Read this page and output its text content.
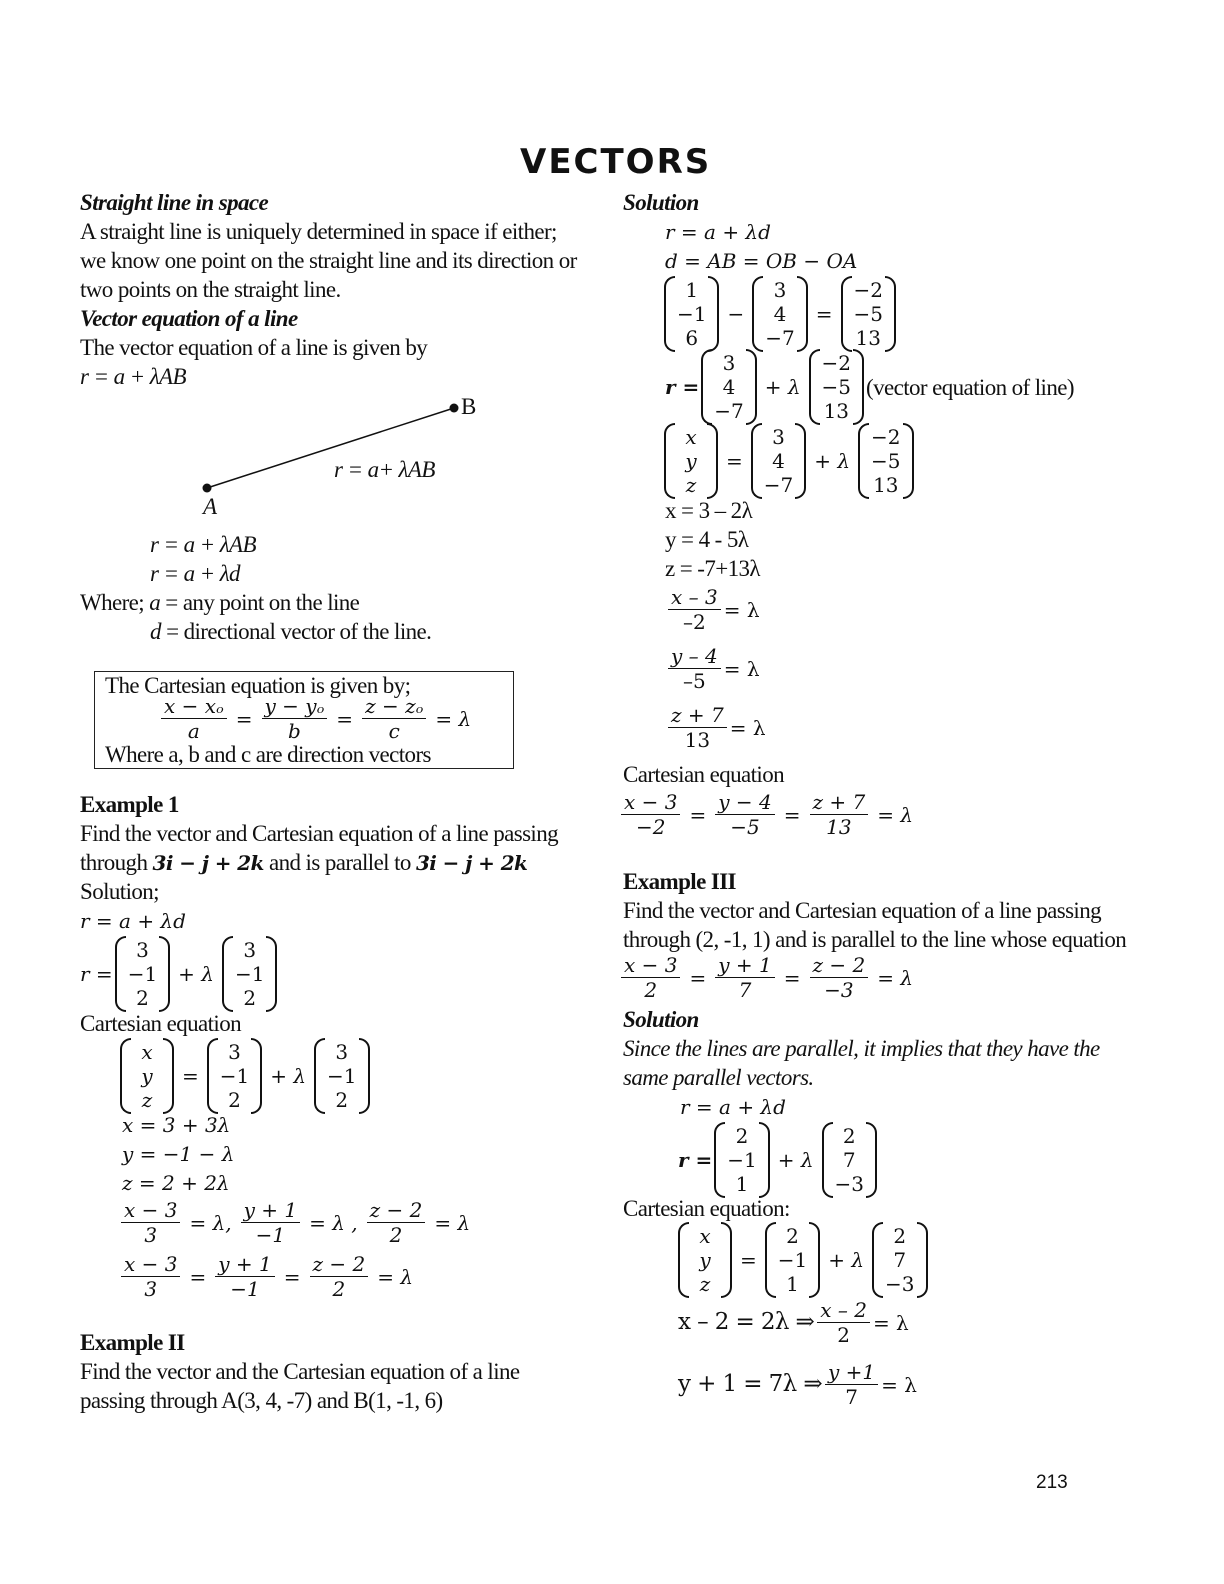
VECTORS
Straight line in space
A straight line is uniquely determined in space if either;
we know one point on the straight line and its direction or
two points on the straight line.
Vector equation of a line
The vector equation of a line is given by
r = a + λAB
B
A
r = a+ λAB
r = a + λAB
r = a + λd
Where; a = any point on the line
d = directional vector of the line.
The Cartesian equation is given by;
$\frac{\text{x − xₒ}}{a} = \frac{\text{y − yₒ}}{b} = \frac{\text{z − zₒ}}{c} = \lambda$
Where a, b and c are direction vectors
Example 1
Find the vector and Cartesian equation of a line passing
through 3i − j + 2k and is parallel to 3i − j + 2k
Solution;
r = a + λd
r =
3
−1
2
+ λ
3
−1
2
Cartesian equation
x
y
z
=
3
−1
2
+ λ
3
−1
2
x = 3 + 3λ
y = −1 − λ
z = 2 + 2λ
$\frac{x - 3}{3} = \lambda$, $\frac{y + 1}{-1} = \lambda$ , $\frac{z - 2}{2} = \lambda$
$\frac{x - 3}{3} = \frac{y + 1}{-1} = \frac{z - 2}{2} = \lambda$
Example II
Find the vector and the Cartesian equation of a line
passing through A(3, 4, -7) and B(1, -1, 6)
Solution
r = a + λd
d = AB = OB − OA
1
−1
6
−
3
4
−7
=
−2
−5
13
r =
3
4
−7
+ λ
−2
−5
13
(vector equation of line)
x
y
z
=
3
4
−7
+ λ
−2
−5
13
x = 3 – 2λ
y = 4 - 5λ
z = -7+13λ
$\frac{x - 3}{-2} = \lambda$
$\frac{y - 4}{-5} = \lambda$
$\frac{z + 7}{13} = \lambda$
Cartesian equation
$\frac{x - 3}{-2} = \frac{y - 4}{-5} = \frac{z + 7}{13} = \lambda$
Example III
Find the vector and Cartesian equation of a line passing
through (2, -1, 1) and is parallel to the line whose equation
$\frac{x - 3}{2} = \frac{y + 1}{7} = \frac{z - 2}{-3} = \lambda$
Solution
Since the lines are parallel, it implies that they have the
same parallel vectors.
r = a + λd
r =
2
−1
1
+ λ
2
7
−3
Cartesian equation:
x
y
z
=
2
−1
1
+ λ
2
7
−3
x – 2 = 2λ ⇒ $\frac{x - 2}{2} = \lambda$
y + 1 = 7λ ⇒ $\frac{y +1}{7} = \lambda$
213
